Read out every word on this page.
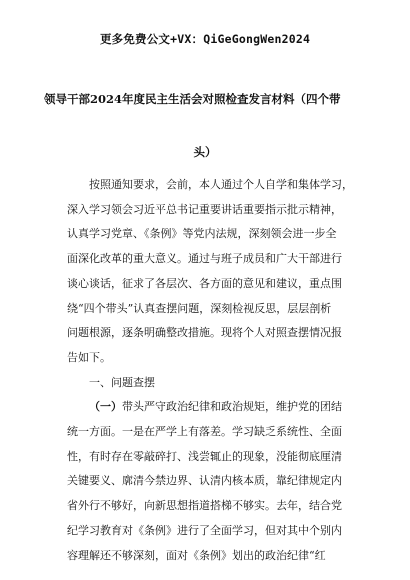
更多免费公文+VX：QiGeGongWen2024
领导干部2024年度民主生活会对照检查发言材料（四个带
头）
按照通知要求，会前，本人通过个人自学和集体学习，
深入学习领会习近平总书记重要讲话重要指示批示精神，
认真学习党章、《条例》等党内法规，深刻领会进一步全
面深化改革的重大意义。通过与班子成员和广大干部进行
谈心谈话，征求了各层次、各方面的意见和建议，重点围
绕“四个带头”认真查摆问题，深刻检视反思，层层剖析
问题根源，逐条明确整改措施。现将个人对照查摆情况报
告如下。
一、问题查摆
（一）带头严守政治纪律和政治规矩，维护党的团结
统一方面。一是在严学上有落差。学习缺乏系统性、全面
性，有时存在零敲碎打、浅尝辄止的现象，没能彻底厘清
关键要义、廓清今禁边界、认清内核本质，靠纪律规定内
省外行不够好，向新思想指道搭梯不够实。去年，结合党
纪学习教育对《条例》进行了全面学习，但对其中个别内
容理解还不够深刻，面对《条例》划出的政治纪律“红
